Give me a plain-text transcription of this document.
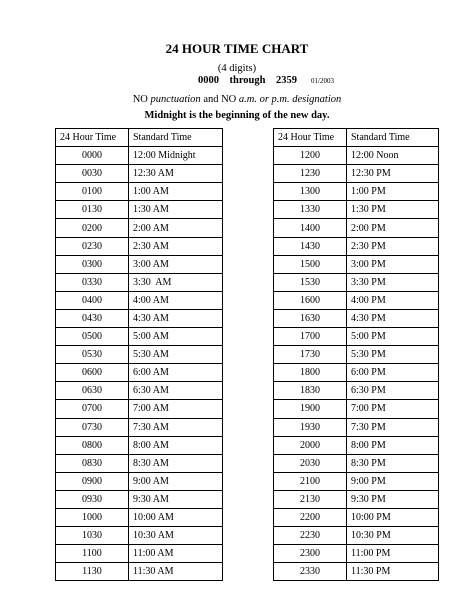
24 HOUR TIME CHART
(4 digits)
0000    through    2359 01/2003
NO punctuation and NO a.m. or p.m. designation
Midnight is the beginning of the new day.
24 Hour Time	Standard Time
0000	12:00 Midnight
0030	12:30 AM
0100	1:00 AM
0130	1:30 AM
0200	2:00 AM
0230	2:30 AM
0300	3:00 AM
0330	3:30  AM
0400	4:00 AM
0430	4:30 AM
0500	5:00 AM
0530	5:30 AM
0600	6:00 AM
0630	6:30 AM
0700	7:00 AM
0730	7:30 AM
0800	8:00 AM
0830	8:30 AM
0900	9:00 AM
0930	9:30 AM
1000	10:00 AM
1030	10:30 AM
1100	11:00 AM
1130	11:30 AM
24 Hour Time	Standard Time
1200	12:00 Noon
1230	12:30 PM
1300	1:00 PM
1330	1:30 PM
1400	2:00 PM
1430	2:30 PM
1500	3:00 PM
1530	3:30 PM
1600	4:00 PM
1630	4:30 PM
1700	5:00 PM
1730	5:30 PM
1800	6:00 PM
1830	6:30 PM
1900	7:00 PM
1930	7:30 PM
2000	8:00 PM
2030	8:30 PM
2100	9:00 PM
2130	9:30 PM
2200	10:00 PM
2230	10:30 PM
2300	11:00 PM
2330	11:30 PM
